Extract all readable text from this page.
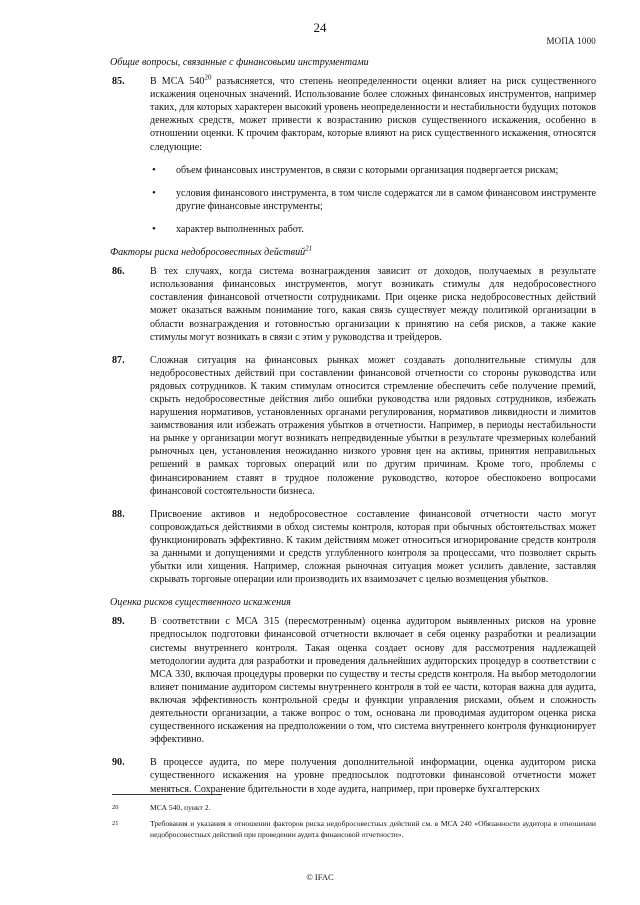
24
МОПА 1000
Общие вопросы, связанные с финансовыми инструментами
85.	В МСА $540^{20}$ разъясняется, что степень неопределенности оценки влияет на риск существенного искажения оценочных значений. Использование более сложных финансовых инструментов, например таких, для которых характерен высокий уровень неопределенности и нестабильности будущих потоков денежных средств, может привести к возрастанию рисков существенного искажения, особенно в отношении оценки. К прочим факторам, которые влияют на риск существенного искажения, относятся следующие:
• объем финансовых инструментов, в связи с которыми организация подвергается рискам;
• условия финансового инструмента, в том числе содержатся ли в самом финансовом инструменте другие финансовые инструменты;
• характер выполненных работ.
Факторы риска недобросовестных действий$^{21}$
86.	В тех случаях, когда система вознаграждения зависит от доходов, получаемых в результате использования финансовых инструментов, могут возникать стимулы для недобросовестного составления финансовой отчетности сотрудниками. При оценке риска недобросовестных действий может оказаться важным понимание того, какая связь существует между политикой организации в области вознаграждения и готовностью организации к принятию на себя рисков, а также какие стимулы могут возникать в связи с этим у руководства и трейдеров.
87.	Сложная ситуация на финансовых рынках может создавать дополнительные стимулы для недобросовестных действий при составлении финансовой отчетности со стороны руководства или рядовых сотрудников. К таким стимулам относится стремление обеспечить себе получение премий, скрыть недобросовестные действия либо ошибки руководства или рядовых сотрудников, избежать нарушения нормативов, установленных органами регулирования, нормативов ликвидности и лимитов заимствования или избежать отражения убытков в отчетности. Например, в периоды нестабильности на рынке у организации могут возникать непредвиденные убытки в результате чрезмерных колебаний рыночных цен, установления неожиданно низкого уровня цен на активы, принятия неправильных решений в рамках торговых операций или по другим причинам. Кроме того, проблемы с финансированием ставят в трудное положение руководство, которое обеспокоено вопросами финансовой состоятельности бизнеса.
88.	Присвоение активов и недобросовестное составление финансовой отчетности часто могут сопровождаться действиями в обход системы контроля, которая при обычных обстоятельствах может функционировать эффективно. К таким действиям может относиться игнорирование средств контроля за данными и допущениями и средств углубленного контроля за процессами, что позволяет скрыть убытки или хищения. Например, сложная рыночная ситуация может усилить давление, заставляя скрывать торговые операции или производить их взаимозачет с целью возмещения убытков.
Оценка рисков существенного искажения
89.	В соответствии с МСА 315 (пересмотренным) оценка аудитором выявленных рисков на уровне предпосылок подготовки финансовой отчетности включает в себя оценку разработки и реализации системы внутреннего контроля. Такая оценка создает основу для рассмотрения надлежащей методологии аудита для разработки и проведения дальнейших аудиторских процедур в соответствии с МСА 330, включая процедуры проверки по существу и тесты средств контроля. На выбор методологии влияет понимание аудитором системы внутреннего контроля в той ее части, которая важна для аудита, включая эффективность контрольной среды и функции управления рисками, объем и сложность деятельности организации, а также вопрос о том, основана ли проводимая аудитором оценка риска существенного искажения на предположении о том, что система внутреннего контроля функционирует эффективно.
90.	В процессе аудита, по мере получения дополнительной информации, оценка аудитором риска существенного искажения на уровне предпосылок подготовки финансовой отчетности может меняться. Сохранение бдительности в ходе аудита, например, при проверке бухгалтерских
20	МСА 540, пункт 2.
21	Требования и указания в отношении факторов риска недобросовестных действий см. в МСА 240 «Обязанности аудитора в отношении недобросовестных действий при проведении аудита финансовой отчетности».
© IFAC
